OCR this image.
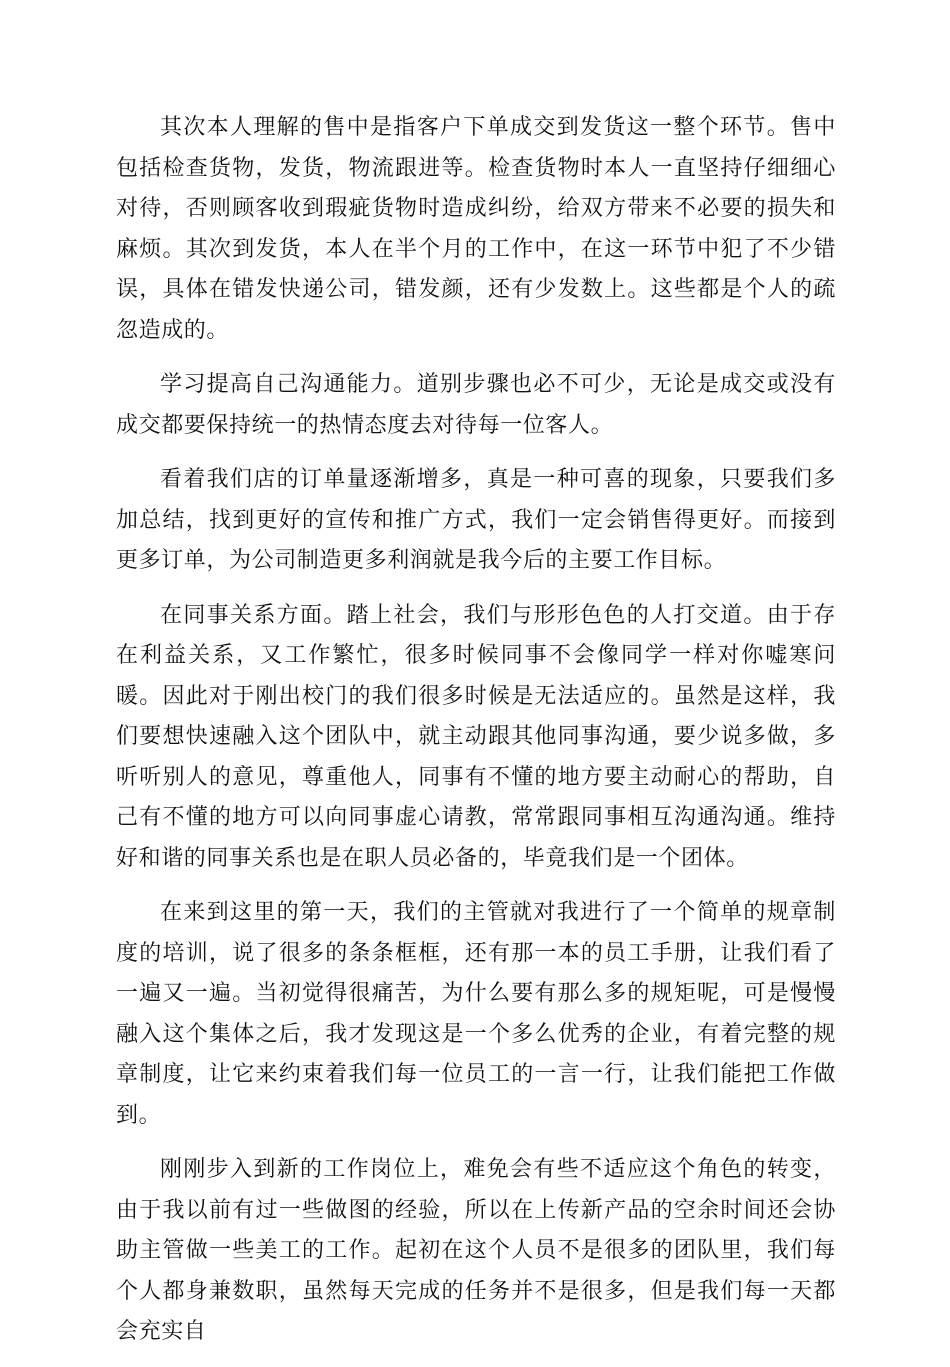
其次本人理解的售中是指客户下单成交到发货这一整个环节。售中包括检查货物，发货，物流跟进等。检查货物时本人一直坚持仔细细心对待，否则顾客收到瑕疵货物时造成纠纷，给双方带来不必要的损失和麻烦。其次到发货，本人在半个月的工作中，在这一环节中犯了不少错误，具体在错发快递公司，错发颜，还有少发数上。这些都是个人的疏忽造成的。

学习提高自己沟通能力。道别步骤也必不可少，无论是成交或没有成交都要保持统一的热情态度去对待每一位客人。

看着我们店的订单量逐渐增多，真是一种可喜的现象，只要我们多加总结，找到更好的宣传和推广方式，我们一定会销售得更好。而接到更多订单，为公司制造更多利润就是我今后的主要工作目标。

在同事关系方面。踏上社会，我们与形形色色的人打交道。由于存在利益关系，又工作繁忙，很多时候同事不会像同学一样对你嘘寒问暖。因此对于刚出校门的我们很多时候是无法适应的。虽然是这样，我们要想快速融入这个团队中，就主动跟其他同事沟通，要少说多做，多听听别人的意见，尊重他人，同事有不懂的地方要主动耐心的帮助，自己有不懂的地方可以向同事虚心请教，常常跟同事相互沟通沟通。维持好和谐的同事关系也是在职人员必备的，毕竟我们是一个团体。

在来到这里的第一天，我们的主管就对我进行了一个简单的规章制度的培训，说了很多的条条框框，还有那一本的员工手册，让我们看了一遍又一遍。当初觉得很痛苦，为什么要有那么多的规矩呢，可是慢慢融入这个集体之后，我才发现这是一个多么优秀的企业，有着完整的规章制度，让它来约束着我们每一位员工的一言一行，让我们能把工作做到。

刚刚步入到新的工作岗位上，难免会有些不适应这个角色的转变，由于我以前有过一些做图的经验，所以在上传新产品的空余时间还会协助主管做一些美工的工作。起初在这个人员不是很多的团队里，我们每个人都身兼数职，虽然每天完成的任务并不是很多，但是我们每一天都会充实自
